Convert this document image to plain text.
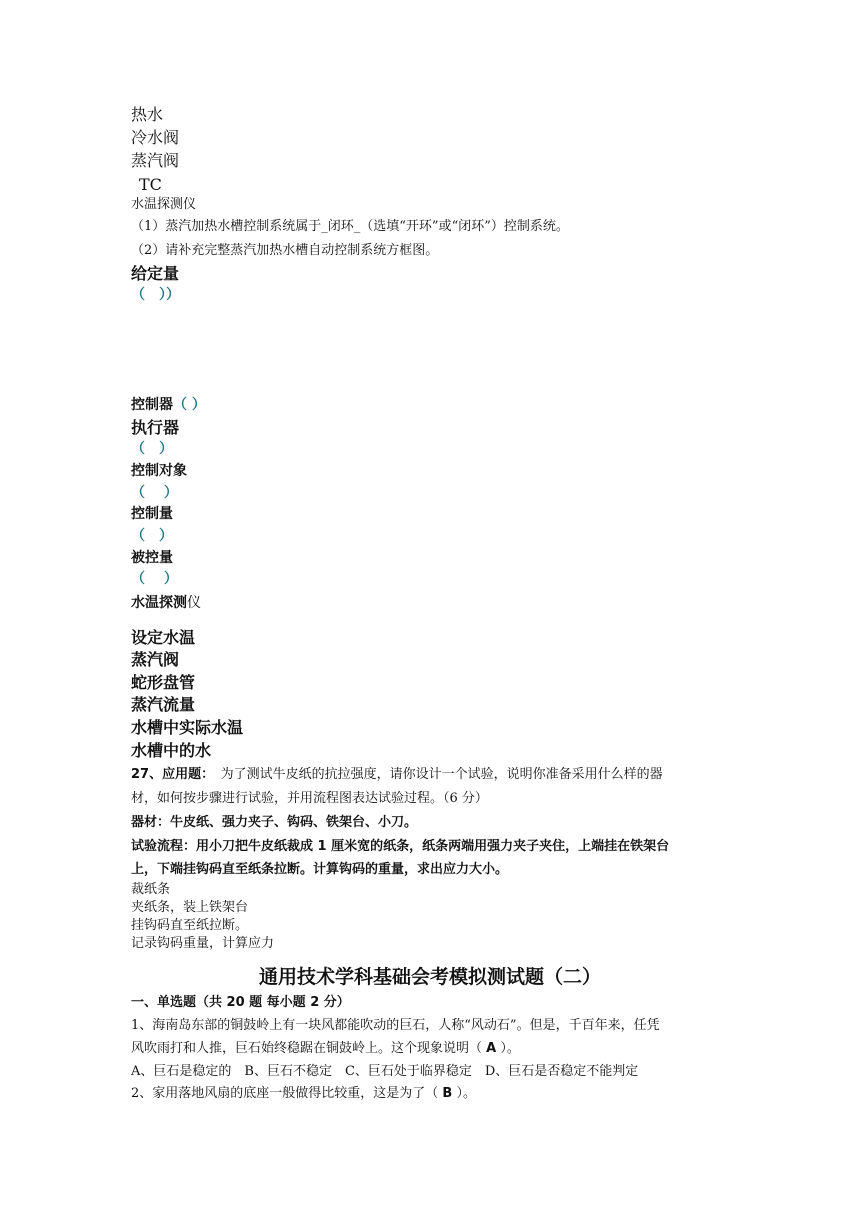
热水
冷水阀
蒸汽阀
TC
水温探测仪
（1）蒸汽加热水槽控制系统属于_闭环_（选填“开环”或“闭环”）控制系统。
（2）请补充完整蒸汽加热水槽自动控制系统方框图。
给定量
（　））
控制器（ ）
执行器
（　）
控制对象
（　 ）
控制量
（　）
被控量
（　 ）
水温探测仪
设定水温
蒸汽阀
蛇形盘管
蒸汽流量
水槽中实际水温
水槽中的水
27、应用题：　为了测试牛皮纸的抗拉强度，请你设计一个试验，说明你准备采用什么样的器
材，如何按步骤进行试验，并用流程图表达试验过程。（6 分）
器材：牛皮纸、强力夹子、钩码、铁架台、小刀。
试验流程：用小刀把牛皮纸裁成 1 厘米宽的纸条，纸条两端用强力夹子夹住，上端挂在铁架台
上，下端挂钩码直至纸条拉断。计算钩码的重量，求出应力大小。
裁纸条
夹纸条，装上铁架台
挂钩码直至纸拉断。
记录钩码重量，计算应力
通用技术学科基础会考模拟测试题（二）
一、单选题（共 20 题 每小题 2 分）
1、海南岛东部的铜鼓岭上有一块风都能吹动的巨石，人称“风动石”。但是，千百年来，任凭
风吹雨打和人推，巨石始终稳踞在铜鼓岭上。这个现象说明（ A ）。
A、巨石是稳定的　B、巨石不稳定　C、巨石处于临界稳定　D、巨石是否稳定不能判定
2、家用落地风扇的底座一般做得比较重，这是为了（ B ）。
